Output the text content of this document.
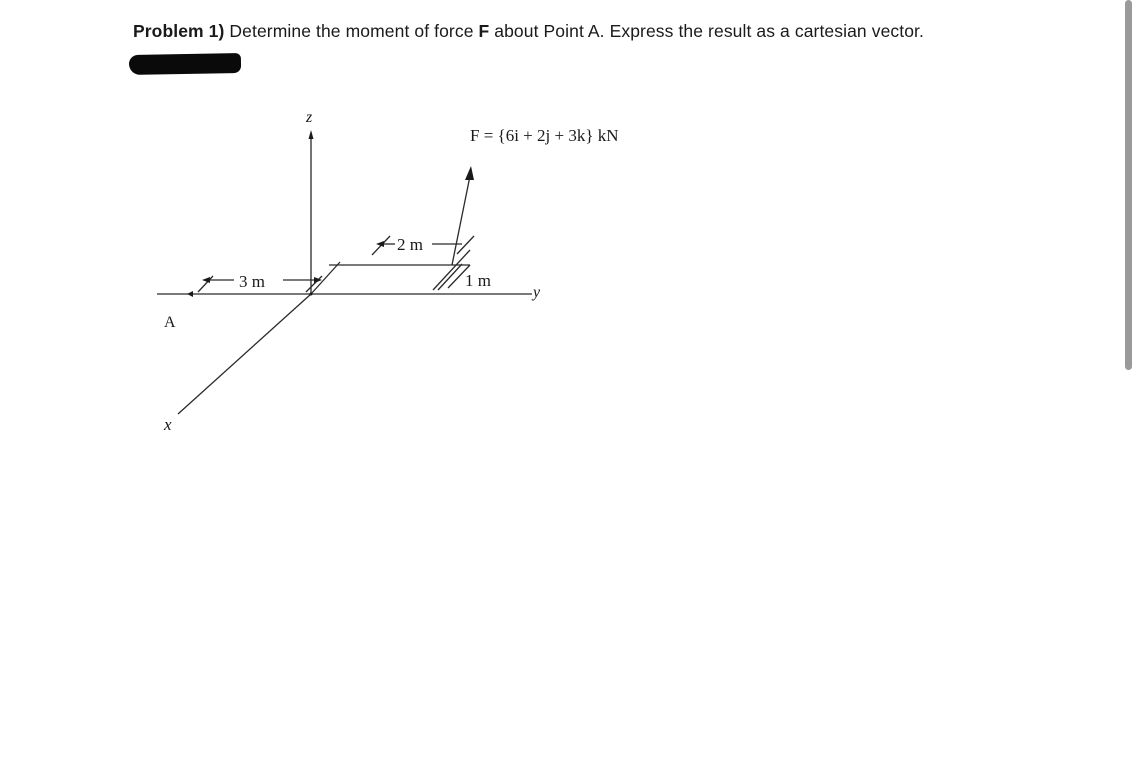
Problem 1) Determine the moment of force F about Point A. Express the result as a cartesian vector.
F = {6i + 2j + 3k} kN
z
y
x
A
3 m
2 m
1 m
